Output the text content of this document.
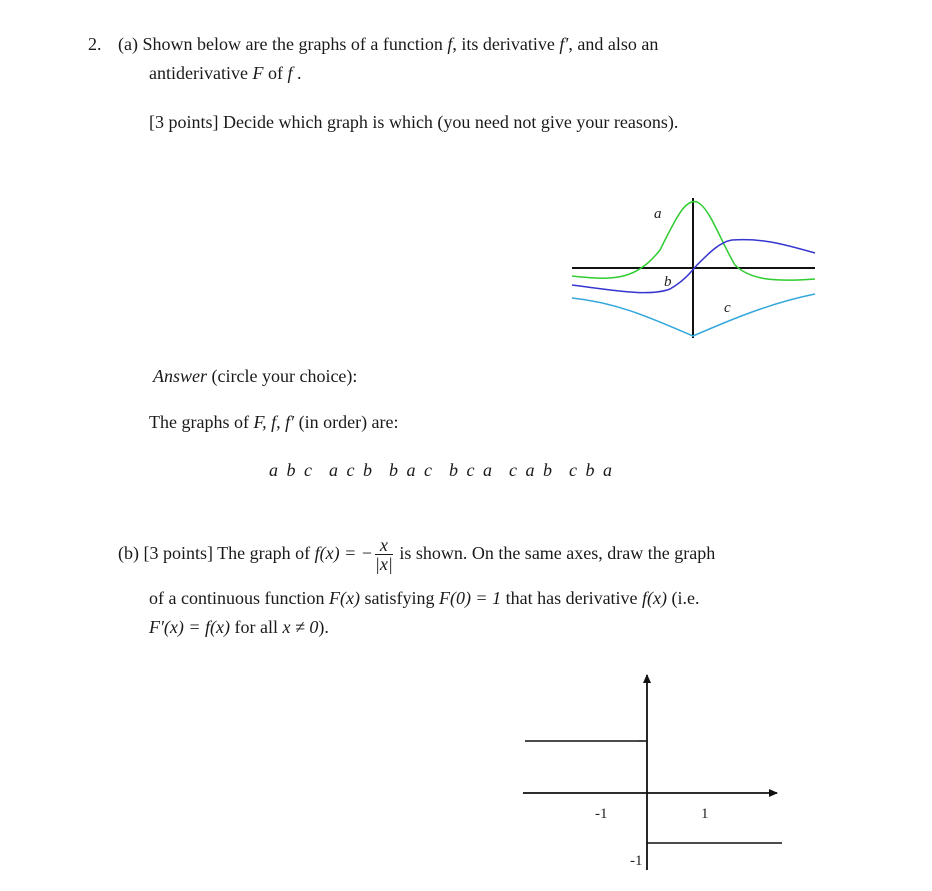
2. (a) Shown below are the graphs of a function f, its derivative f′, and also an
antiderivative F of f .
[3 points] Decide which graph is which (you need not give your reasons).
a
b
c
Answer (circle your choice):
The graphs of F, f, f′ (in order) are:
a b c a c b b a c b c a c a b c b a
(b) [3 points] The graph of f(x) = − $\frac{x}{|x|}$ is shown. On the same axes, draw the graph
of a continuous function F(x) satisfying F(0) = 1 that has derivative f(x) (i.e.
F′(x) = f(x) for all x ≠ 0).
-1	1
-1
